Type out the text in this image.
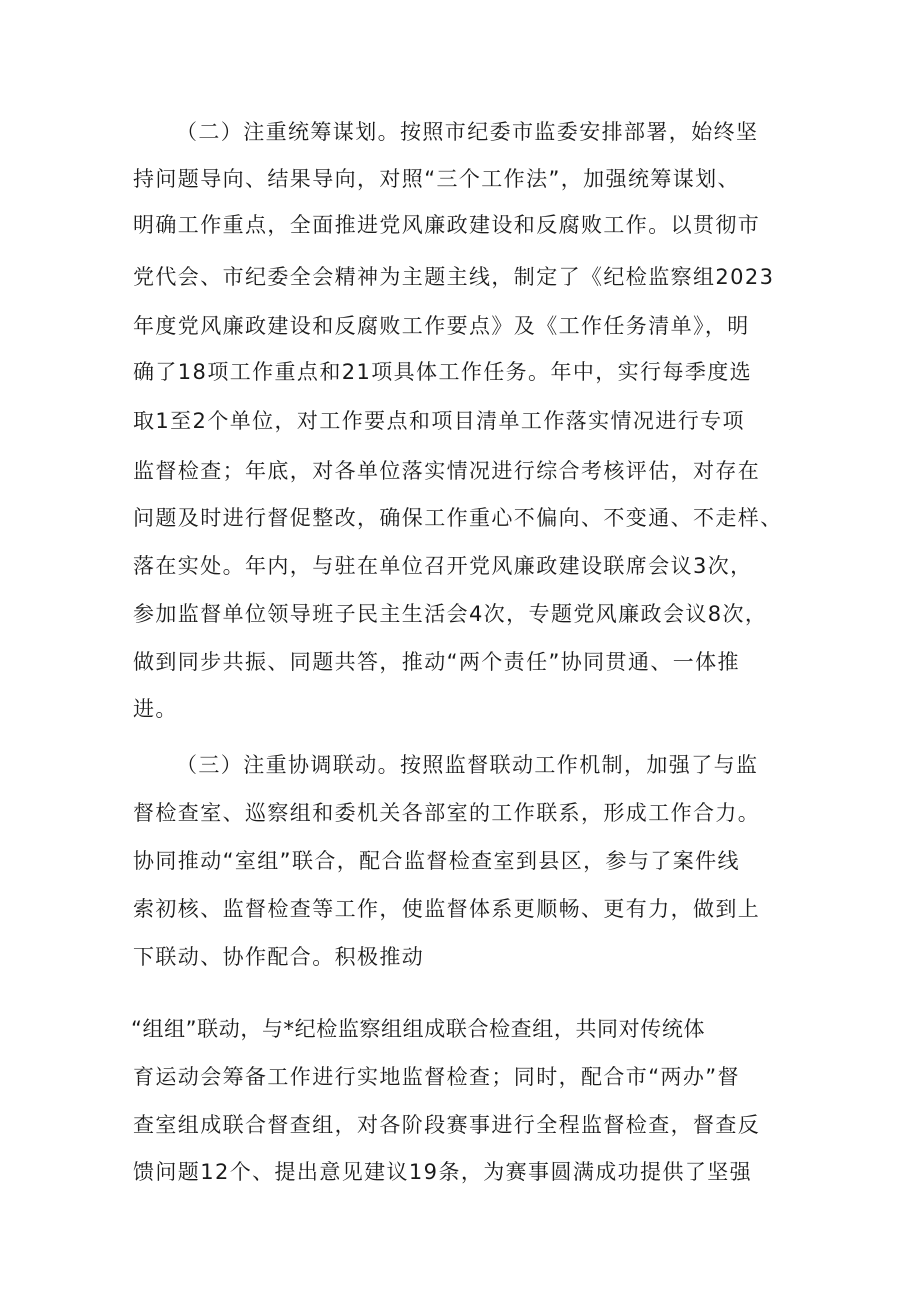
（二）注重统筹谋划。按照市纪委市监委安排部署，始终坚

持问题导向、结果导向，对照“三个工作法”，加强统筹谋划、

明确工作重点，全面推进党风廉政建设和反腐败工作。以贯彻市

党代会、市纪委全会精神为主题主线，制定了《纪检监察组2023

年度党风廉政建设和反腐败工作要点》及《工作任务清单》，明

确了18项工作重点和21项具体工作任务。年中，实行每季度选

取1至2个单位，对工作要点和项目清单工作落实情况进行专项

监督检查；年底，对各单位落实情况进行综合考核评估，对存在

问题及时进行督促整改，确保工作重心不偏向、不变通、不走样、

落在实处。年内，与驻在单位召开党风廉政建设联席会议3次，

参加监督单位领导班子民主生活会4次，专题党风廉政会议8次，

做到同步共振、同题共答，推动“两个责任”协同贯通、一体推

进。

（三）注重协调联动。按照监督联动工作机制，加强了与监

督检查室、巡察组和委机关各部室的工作联系，形成工作合力。

协同推动“室组”联合，配合监督检查室到县区，参与了案件线

索初核、监督检查等工作，使监督体系更顺畅、更有力，做到上

下联动、协作配合。积极推动

“组组”联动，与*纪检监察组组成联合检查组，共同对传统体

育运动会筹备工作进行实地监督检查；同时，配合市“两办”督

查室组成联合督查组，对各阶段赛事进行全程监督检查，督查反

馈问题12个、提出意见建议19条，为赛事圆满成功提供了坚强
